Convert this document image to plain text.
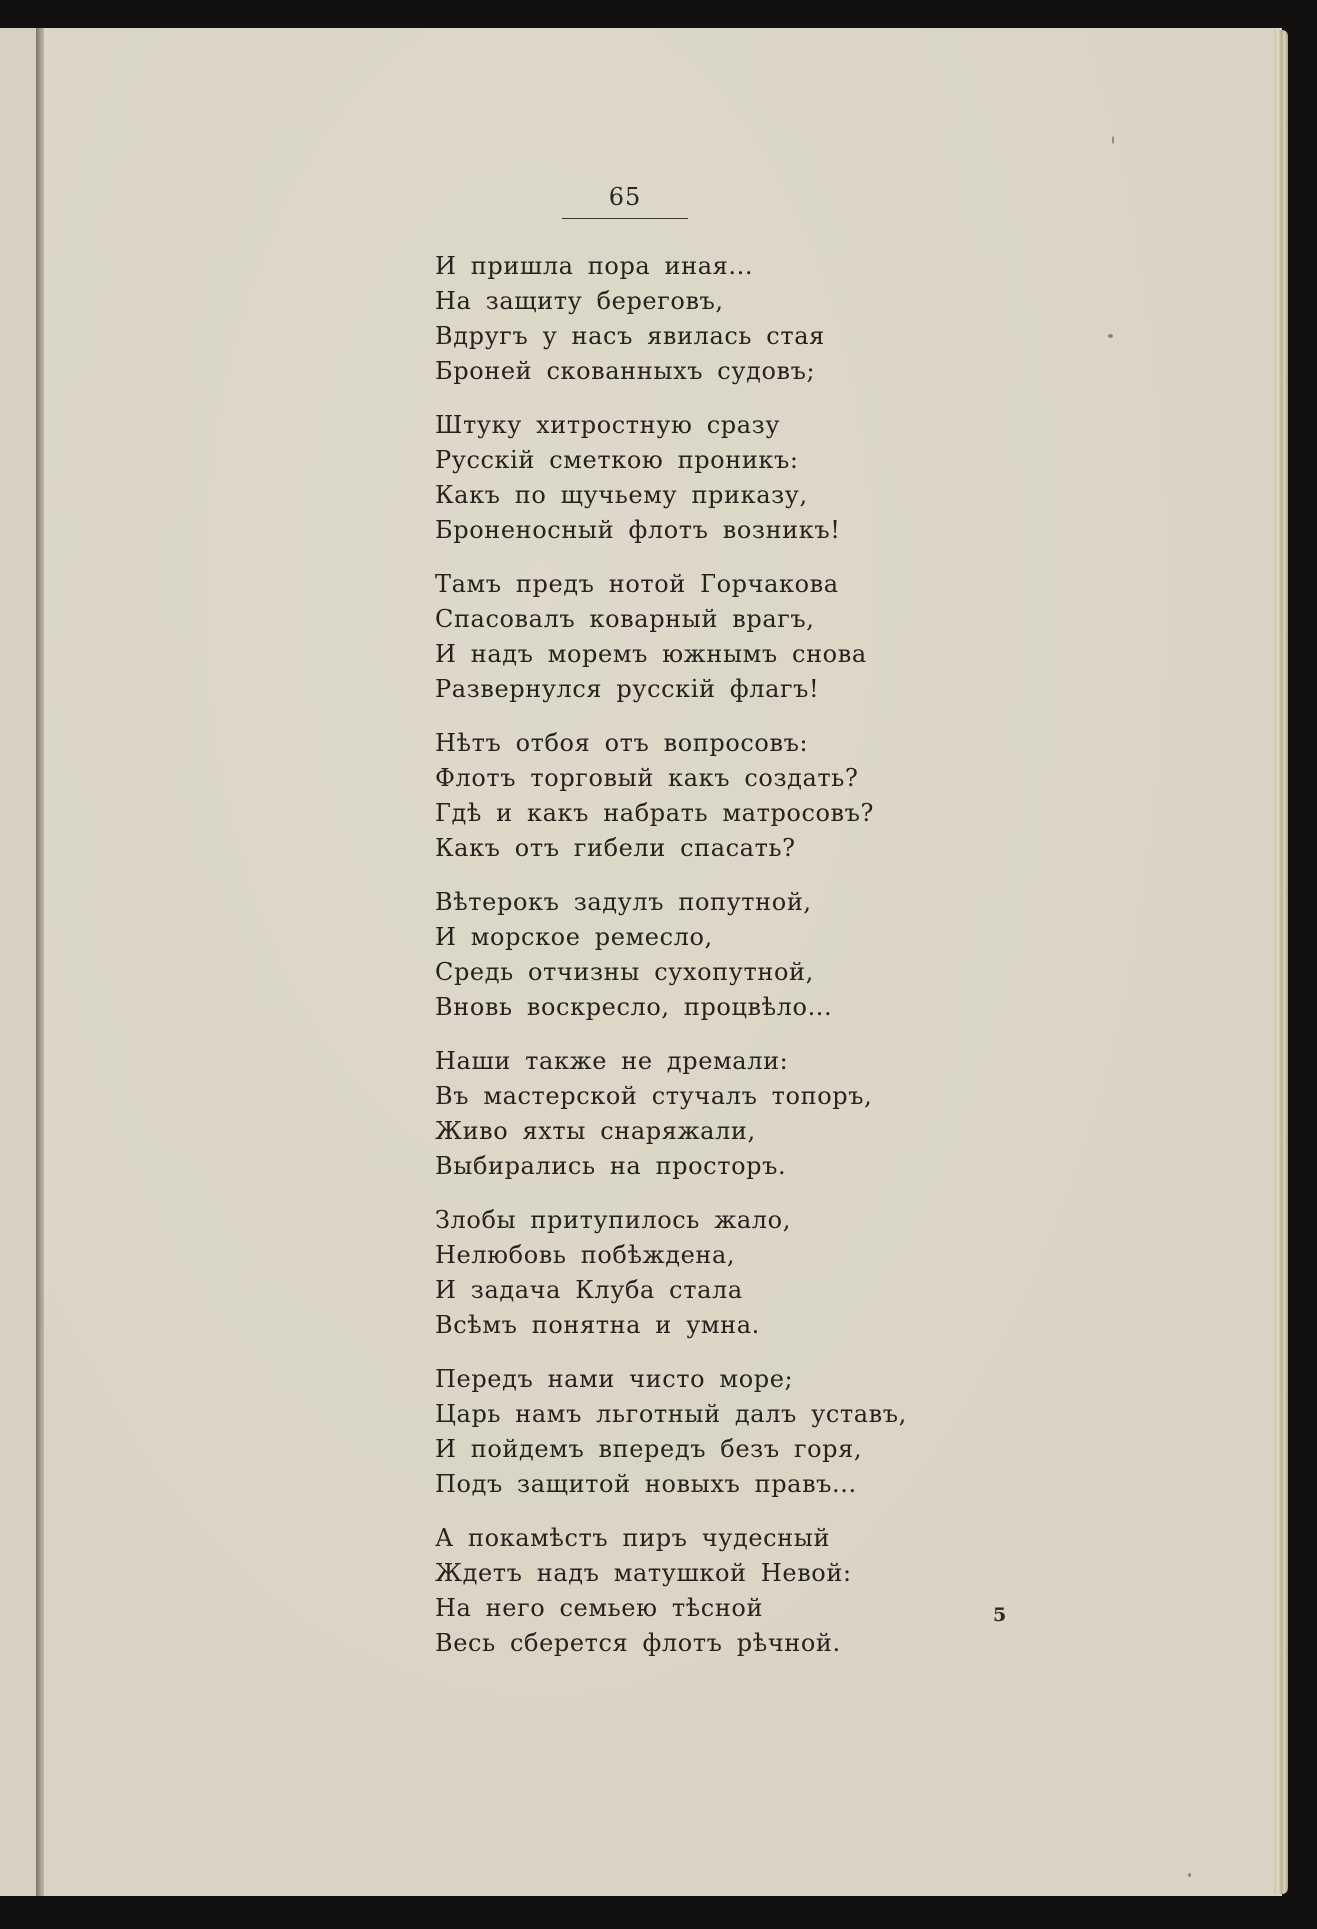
65
И пришла пора иная...
На защиту береговъ,
Вдругъ у насъ явилась стая
Броней скованныхъ судовъ;
Штуку хитростную сразу
Русскій сметкою проникъ:
Какъ по щучьему приказу,
Броненосный флотъ возникъ!
Тамъ предъ нотой Горчакова
Спасовалъ коварный врагъ,
И надъ моремъ южнымъ снова
Развернулся русскій флагъ!
Нѣтъ отбоя отъ вопросовъ:
Флотъ торговый какъ создать?
Гдѣ и какъ набрать матросовъ?
Какъ отъ гибели спасать?
Вѣтерокъ задулъ попутной,
И морское ремесло,
Средь отчизны сухопутной,
Вновь воскресло, процвѣло...
Наши также не дремали:
Въ мастерской стучалъ топоръ,
Живо яхты снаряжали,
Выбирались на просторъ.
Злобы притупилось жало,
Нелюбовь побѣждена,
И задача Клуба стала
Всѣмъ понятна и умна.
Передъ нами чисто море;
Царь намъ льготный далъ уставъ,
И пойдемъ впередъ безъ горя,
Подъ защитой новыхъ правъ...
А покамѣстъ пиръ чудесный
Ждетъ надъ матушкой Невой:
На него семьею тѣсной
Весь сберется флотъ рѣчной.
5
